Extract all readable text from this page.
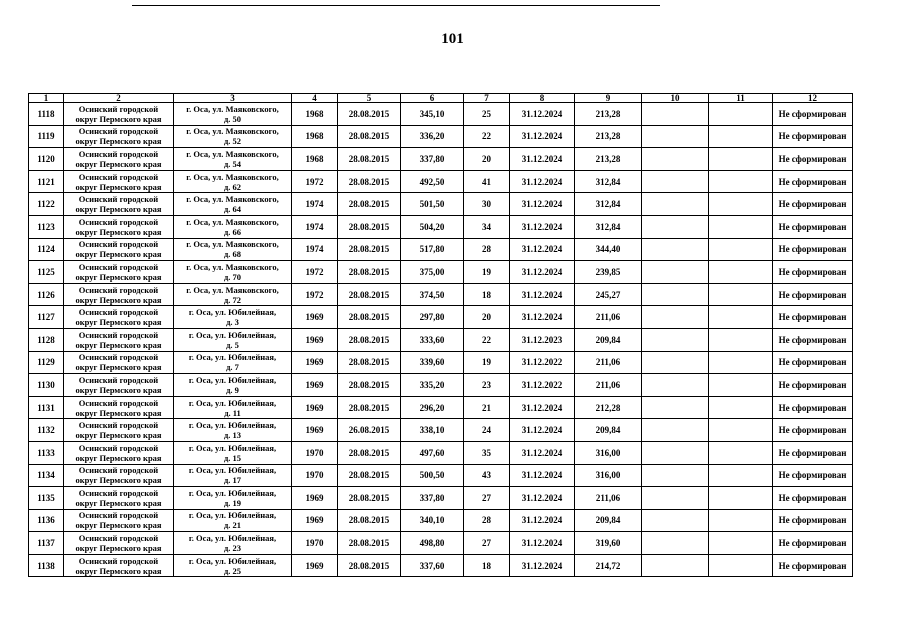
101
1	2	3	4	5	6	7	8	9	10	11	12
1118	Осинский городской
округ Пермского края	г. Оса, ул. Маяковского,
д. 50	1968	28.08.2015	345,10	25	31.12.2024	213,28			Не сформирован
1119	Осинский городской
округ Пермского края	г. Оса, ул. Маяковского,
д. 52	1968	28.08.2015	336,20	22	31.12.2024	213,28			Не сформирован
1120	Осинский городской
округ Пермского края	г. Оса, ул. Маяковского,
д. 54	1968	28.08.2015	337,80	20	31.12.2024	213,28			Не сформирован
1121	Осинский городской
округ Пермского края	г. Оса, ул. Маяковского,
д. 62	1972	28.08.2015	492,50	41	31.12.2024	312,84			Не сформирован
1122	Осинский городской
округ Пермского края	г. Оса, ул. Маяковского,
д. 64	1974	28.08.2015	501,50	30	31.12.2024	312,84			Не сформирован
1123	Осинский городской
округ Пермского края	г. Оса, ул. Маяковского,
д. 66	1974	28.08.2015	504,20	34	31.12.2024	312,84			Не сформирован
1124	Осинский городской
округ Пермского края	г. Оса, ул. Маяковского,
д. 68	1974	28.08.2015	517,80	28	31.12.2024	344,40			Не сформирован
1125	Осинский городской
округ Пермского края	г. Оса, ул. Маяковского,
д. 70	1972	28.08.2015	375,00	19	31.12.2024	239,85			Не сформирован
1126	Осинский городской
округ Пермского края	г. Оса, ул. Маяковского,
д. 72	1972	28.08.2015	374,50	18	31.12.2024	245,27			Не сформирован
1127	Осинский городской
округ Пермского края	г. Оса, ул. Юбилейная,
д. 3	1969	28.08.2015	297,80	20	31.12.2024	211,06			Не сформирован
1128	Осинский городской
округ Пермского края	г. Оса, ул. Юбилейная,
д. 5	1969	28.08.2015	333,60	22	31.12.2023	209,84			Не сформирован
1129	Осинский городской
округ Пермского края	г. Оса, ул. Юбилейная,
д. 7	1969	28.08.2015	339,60	19	31.12.2022	211,06			Не сформирован
1130	Осинский городской
округ Пермского края	г. Оса, ул. Юбилейная,
д. 9	1969	28.08.2015	335,20	23	31.12.2022	211,06			Не сформирован
1131	Осинский городской
округ Пермского края	г. Оса, ул. Юбилейная,
д. 11	1969	28.08.2015	296,20	21	31.12.2024	212,28			Не сформирован
1132	Осинский городской
округ Пермского края	г. Оса, ул. Юбилейная,
д. 13	1969	26.08.2015	338,10	24	31.12.2024	209,84			Не сформирован
1133	Осинский городской
округ Пермского края	г. Оса, ул. Юбилейная,
д. 15	1970	28.08.2015	497,60	35	31.12.2024	316,00			Не сформирован
1134	Осинский городской
округ Пермского края	г. Оса, ул. Юбилейная,
д. 17	1970	28.08.2015	500,50	43	31.12.2024	316,00			Не сформирован
1135	Осинский городской
округ Пермского края	г. Оса, ул. Юбилейная,
д. 19	1969	28.08.2015	337,80	27	31.12.2024	211,06			Не сформирован
1136	Осинский городской
округ Пермского края	г. Оса, ул. Юбилейная,
д. 21	1969	28.08.2015	340,10	28	31.12.2024	209,84			Не сформирован
1137	Осинский городской
округ Пермского края	г. Оса, ул. Юбилейная,
д. 23	1970	28.08.2015	498,80	27	31.12.2024	319,60			Не сформирован
1138	Осинский городской
округ Пермского края	г. Оса, ул. Юбилейная,
д. 25	1969	28.08.2015	337,60	18	31.12.2024	214,72			Не сформирован
